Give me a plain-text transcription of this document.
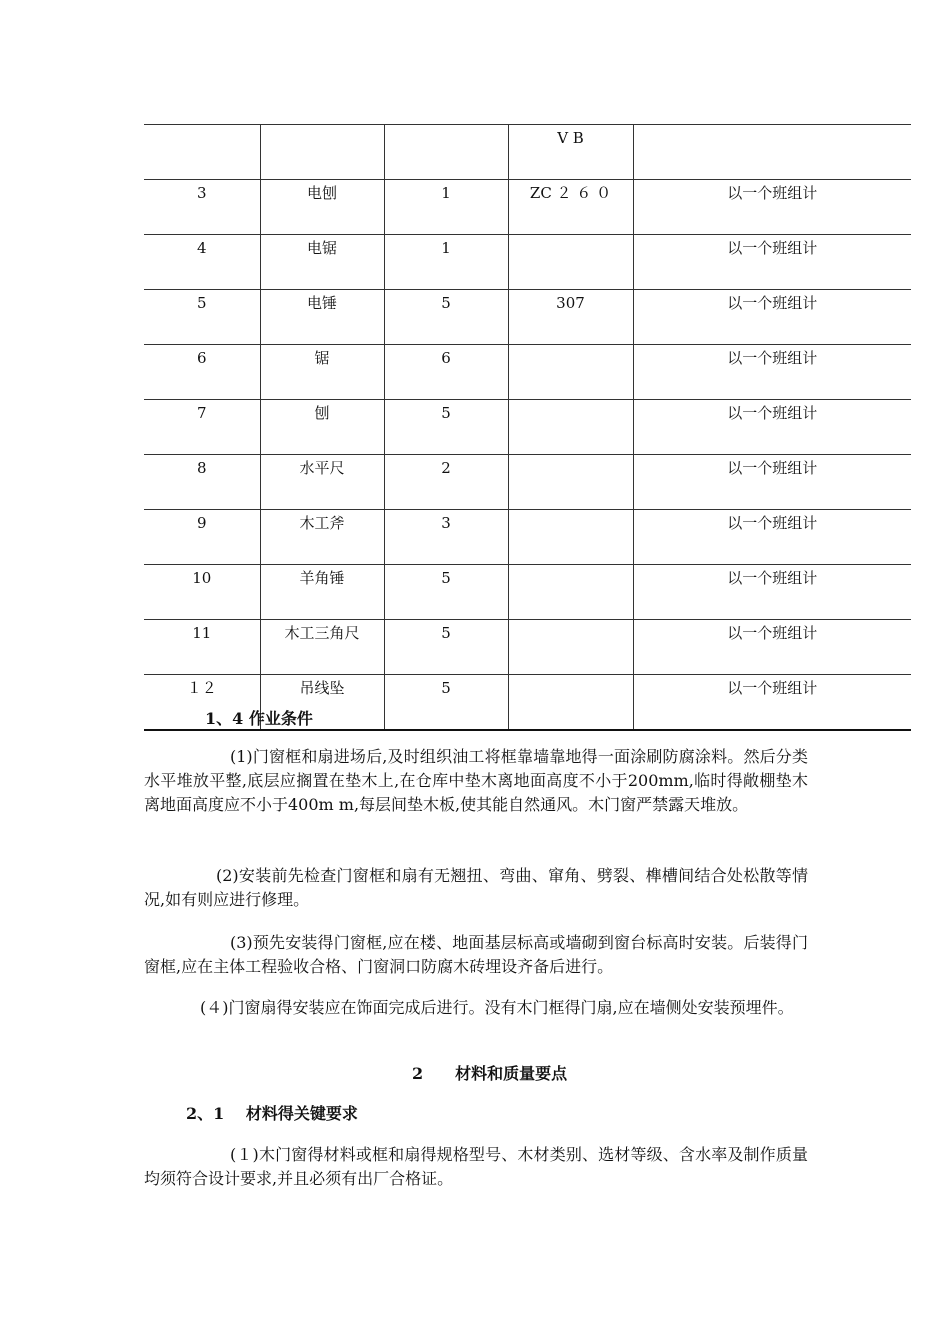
			V B	
3	电刨	1	ZC ２ ６ ０	以一个班组计
4	电锯	1		以一个班组计
5	电锤	5	307	以一个班组计
6	锯	6		以一个班组计
7	刨	5		以一个班组计
8	水平尺	2		以一个班组计
9	木工斧	3		以一个班组计
10	羊角锤	5		以一个班组计
11	木工三角尺	5		以一个班组计
１２	吊线坠	5		以一个班组计
1、4 作业条件
(1)门窗框和扇进场后,及时组织油工将框靠墙靠地得一面涂刷防腐涂料。然后分类水平堆放平整,底层应搁置在垫木上,在仓库中垫木离地面高度不小于200mm,临时得敞棚垫木离地面高度应不小于400m m,每层间垫木板,使其能自然通风。木门窗严禁露天堆放。
(2)安装前先检查门窗框和扇有无翘扭、弯曲、窜角、劈裂、榫槽间结合处松散等情况,如有则应进行修理。
(3)预先安装得门窗框,应在楼、地面基层标高或墙砌到窗台标高时安装。后装得门窗框,应在主体工程验收合格、门窗洞口防腐木砖埋设齐备后进行。
(４)门窗扇得安装应在饰面完成后进行。没有木门框得门扇,应在墙侧处安装预埋件。
2　　材料和质量要点
2、1　 材料得关键要求
(１)木门窗得材料或框和扇得规格型号、木材类别、选材等级、含水率及制作质量均须符合设计要求,并且必须有出厂合格证。
